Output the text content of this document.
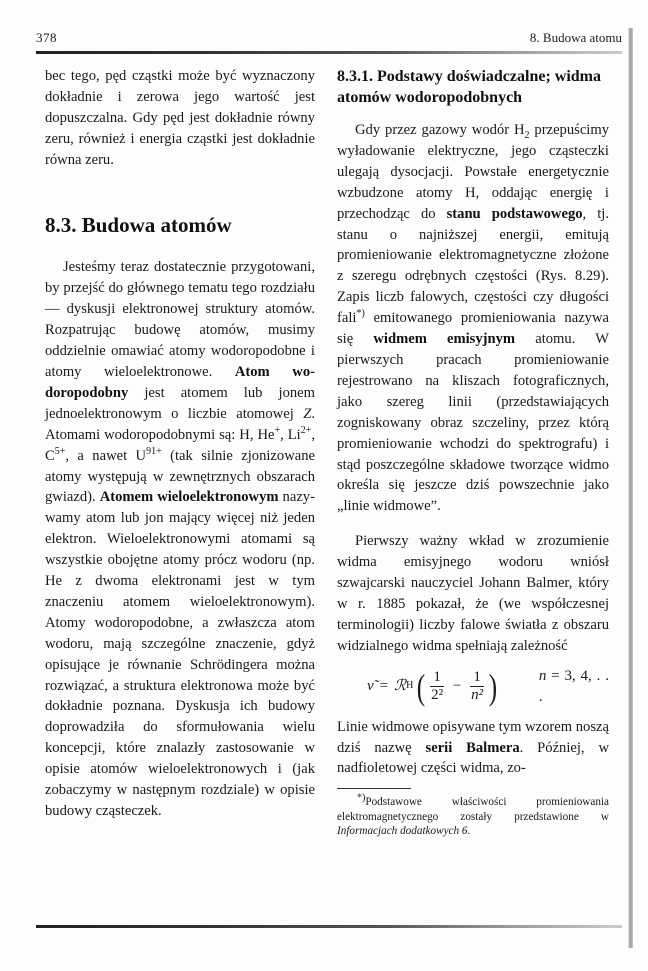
378	8. Budowa atomu

bec tego, pęd cząstki może być wyznaczony dokładnie i zerowa jego wartość jest dopuszczalna. Gdy pęd jest dokładnie równy zeru, również i energia cząstki jest dokładnie równa zeru.

8.3. Budowa atomów

Jesteśmy teraz dostatecznie przygotowani, by przejść do głównego tematu tego rozdziału — dyskusji elektronowej struktury atomów. Rozpatrując budowę atomów, musimy oddzielnie omawiać atomy wodoropodobne i atomy wieloelektronowe. Atom wodoropodobny jest atomem lub jonem jednoelektronowym o liczbie atomowej Z. Atomami wodoropodobnymi są: H, He+, $Li^{2+}$, $C^{5+}$, a nawet $U^{91+}$ (tak silnie zjonizowane atomy występują w zewnętrznych obszarach gwiazd). Atomem wieloelektronowym nazywamy atom lub jon mający więcej niż jeden elektron. Wieloelektronowymi atomami są wszystkie obojętne atomy prócz wodoru (np. He z dwoma elektronami jest w tym znaczeniu atomem wieloelektronowym). Atomy wodoropodobne, a zwłaszcza atom wodoru, mają szczególne znaczenie, gdyż opisujące je równanie Schrödingera można rozwiązać, a struktura elektronowa może być dokładnie poznana. Dyskusja ich budowy doprowadziła do sformułowania wielu koncepcji, które znalazły zastosowanie w opisie atomów wieloelektronowych i (jak zobaczymy w następnym rozdziale) w opisie budowy cząsteczek.

8.3.1. Podstawy doświadczalne; widma atomów wodoropodobnych

Gdy przez gazowy wodór $H_2$ przepuścimy wyładowanie elektryczne, jego cząsteczki ulegają dysocjacji. Powstałe energetycznie wzbudzone atomy H, oddając energię i przechodząc do stanu podstawowego, tj. stanu o najniższej energii, emitują promieniowanie elektromagnetyczne złożone z szeregu odrębnych częstości (Rys. 8.29). Zapis liczb falowych, częstości czy długości fali*) emitowanego promieniowania nazywa się widmem emisyjnym atomu. W pierwszych pracach promieniowanie rejestrowano na kliszach fotograficznych, jako szereg linii (przedstawiających zogniskowany obraz szczeliny, przez którą promieniowanie wchodzi do spektrografu) i stąd poszczególne składowe tworzące widmo określa się jeszcze dziś powszechnie jako „linie widmowe”.

Pierwszy ważny wkład w zrozumienie widma emisyjnego wodoru wniósł szwajcarski nauczyciel Johann Balmer, który w r. 1885 pokazał, że (we współczesnej terminologii) liczby falowe światła z obszaru widzialnego widma spełniają zależność

ν̃ = ℛ H ( $\frac{1}{\text{2²}} - \frac{1}{\text{n²}}$ )	n = 3, 4, . . .

Linie widmowe opisywane tym wzorem noszą dziś nazwę serii Balmera. Później, w nadfioletowej części widma, zo-

*)Podstawowe właściwości promieniowania elektromagnetycznego zostały przedstawione w Informacjach dodatkowych 6.
